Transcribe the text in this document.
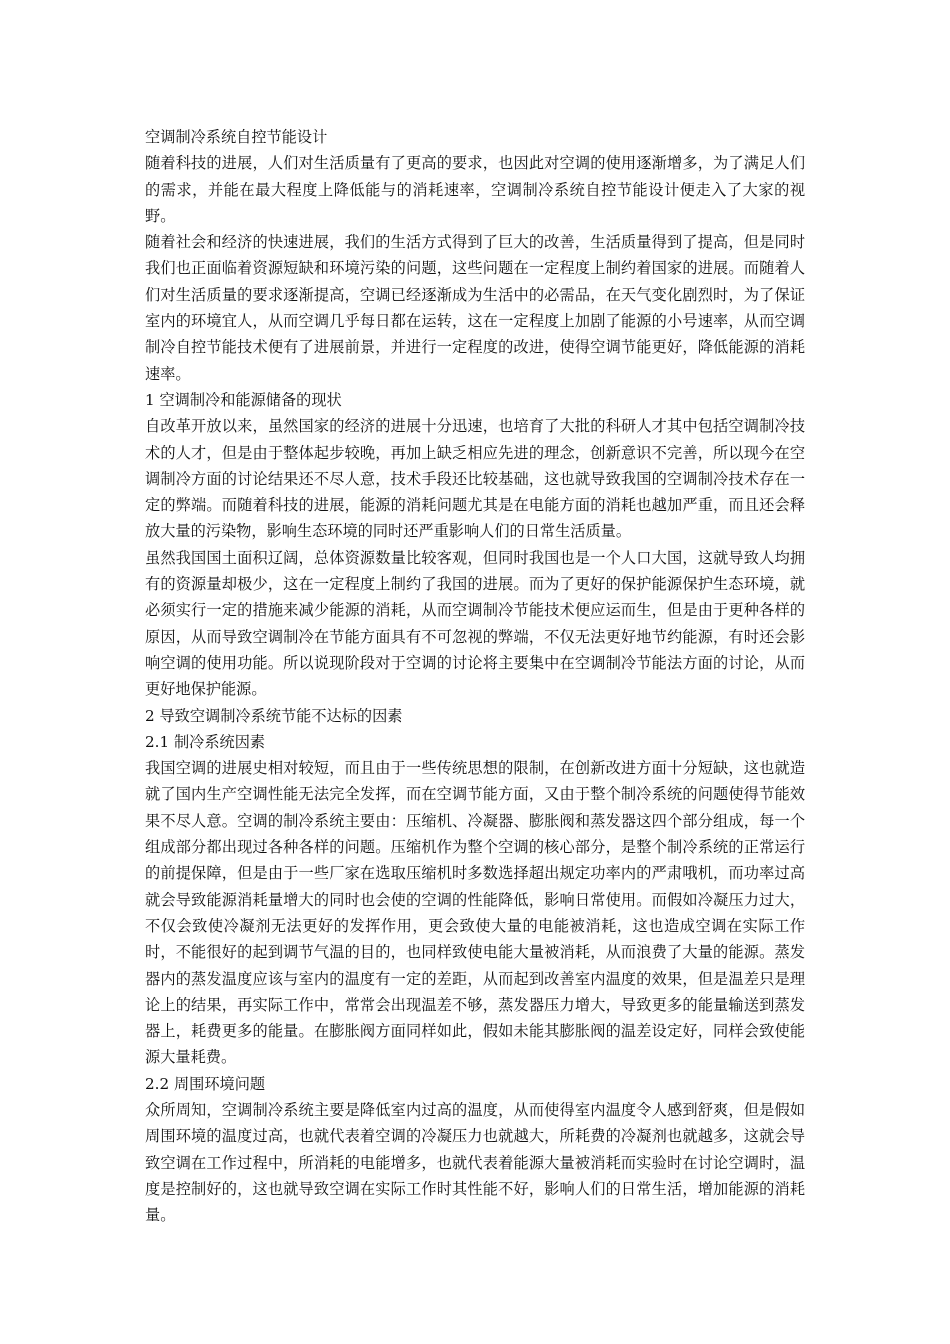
空调制冷系统自控节能设计

随着科技的进展，人们对生活质量有了更高的要求，也因此对空调的使用逐渐增多，为了满足人们的需求，并能在最大程度上降低能与的消耗速率，空调制冷系统自控节能设计便走入了大家的视野。

随着社会和经济的快速进展，我们的生活方式得到了巨大的改善，生活质量得到了提高，但是同时我们也正面临着资源短缺和环境污染的问题，这些问题在一定程度上制约着国家的进展。而随着人们对生活质量的要求逐渐提高，空调已经逐渐成为生活中的必需品，在天气变化剧烈时，为了保证室内的环境宜人，从而空调几乎每日都在运转，这在一定程度上加剧了能源的小号速率，从而空调制冷自控节能技术便有了进展前景，并进行一定程度的改进，使得空调节能更好，降低能源的消耗速率。

1 空调制冷和能源储备的现状

自改革开放以来，虽然国家的经济的进展十分迅速，也培育了大批的科研人才其中包括空调制冷技术的人才，但是由于整体起步较晚，再加上缺乏相应先进的理念，创新意识不完善，所以现今在空调制冷方面的讨论结果还不尽人意，技术手段还比较基础，这也就导致我国的空调制冷技术存在一定的弊端。而随着科技的进展，能源的消耗问题尤其是在电能方面的消耗也越加严重，而且还会释放大量的污染物，影响生态环境的同时还严重影响人们的日常生活质量。

虽然我国国土面积辽阔，总体资源数量比较客观，但同时我国也是一个人口大国，这就导致人均拥有的资源量却极少，这在一定程度上制约了我国的进展。而为了更好的保护能源保护生态环境，就必须实行一定的措施来减少能源的消耗，从而空调制冷节能技术便应运而生，但是由于更种各样的原因，从而导致空调制冷在节能方面具有不可忽视的弊端，不仅无法更好地节约能源，有时还会影响空调的使用功能。所以说现阶段对于空调的讨论将主要集中在空调制冷节能法方面的讨论，从而更好地保护能源。

2 导致空调制冷系统节能不达标的因素
2.1 制冷系统因素

我国空调的进展史相对较短，而且由于一些传统思想的限制，在创新改进方面十分短缺，这也就造就了国内生产空调性能无法完全发挥，而在空调节能方面，又由于整个制冷系统的问题使得节能效果不尽人意。空调的制冷系统主要由：压缩机、冷凝器、膨胀阀和蒸发器这四个部分组成，每一个组成部分都出现过各种各样的问题。压缩机作为整个空调的核心部分，是整个制冷系统的正常运行的前提保障，但是由于一些厂家在选取压缩机时多数选择超出规定功率内的严肃哦机，而功率过高就会导致能源消耗量增大的同时也会使的空调的性能降低，影响日常使用。而假如冷凝压力过大，不仅会致使冷凝剂无法更好的发挥作用，更会致使大量的电能被消耗，这也造成空调在实际工作时，不能很好的起到调节气温的目的，也同样致使电能大量被消耗，从而浪费了大量的能源。蒸发器内的蒸发温度应该与室内的温度有一定的差距，从而起到改善室内温度的效果，但是温差只是理论上的结果，再实际工作中，常常会出现温差不够，蒸发器压力增大，导致更多的能量输送到蒸发器上，耗费更多的能量。在膨胀阀方面同样如此，假如未能其膨胀阀的温差设定好，同样会致使能源大量耗费。

2.2 周围环境问题

众所周知，空调制冷系统主要是降低室内过高的温度，从而使得室内温度令人感到舒爽，但是假如周围环境的温度过高，也就代表着空调的冷凝压力也就越大，所耗费的冷凝剂也就越多，这就会导致空调在工作过程中，所消耗的电能增多，也就代表着能源大量被消耗而实验时在讨论空调时，温度是控制好的，这也就导致空调在实际工作时其性能不好，影响人们的日常生活，增加能源的消耗量。
